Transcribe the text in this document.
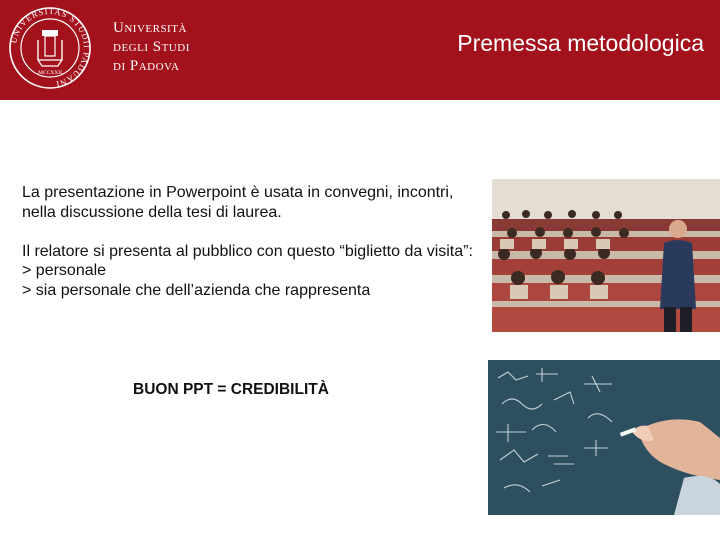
UNIVERSITAS STUDII PADUANI
MCCXXII
Università
degli Studi
di Padova
Premessa metodologica

La presentazione in Powerpoint è usata in convegni, incontri, nella discussione della tesi di laurea.

Il relatore si presenta al pubblico con questo “biglietto da visita”:

> personale

> sia personale che dell’azienda che rappresenta

BUON PPT = CREDIBILITÀ
